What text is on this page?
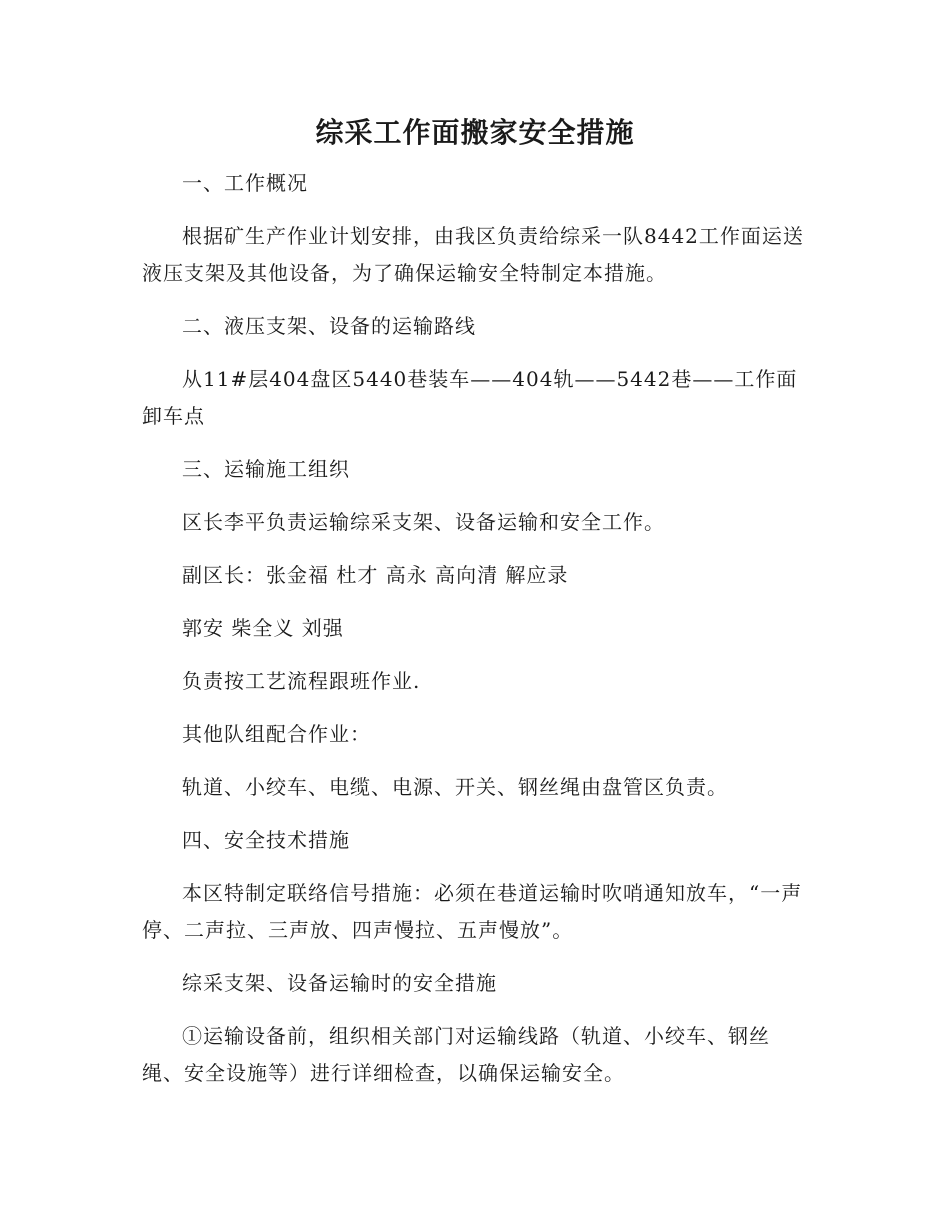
综采工作面搬家安全措施

一、工作概况

根据矿生产作业计划安排，由我区负责给综采一队8442工作面运送液压支架及其他设备，为了确保运输安全特制定本措施。

二、液压支架、设备的运输路线

从11#层404盘区5440巷装车——404轨——5442巷——工作面卸车点

三、运输施工组织

区长李平负责运输综采支架、设备运输和安全工作。

副区长：张金福 杜才 高永 高向清 解应录

郭安 柴全义 刘强

负责按工艺流程跟班作业.

其他队组配合作业：

轨道、小绞车、电缆、电源、开关、钢丝绳由盘管区负责。

四、安全技术措施

本区特制定联络信号措施：必须在巷道运输时吹哨通知放车，“一声停、二声拉、三声放、四声慢拉、五声慢放”。

综采支架、设备运输时的安全措施

①运输设备前，组织相关部门对运输线路（轨道、小绞车、钢丝绳、安全设施等）进行详细检查，以确保运输安全。
